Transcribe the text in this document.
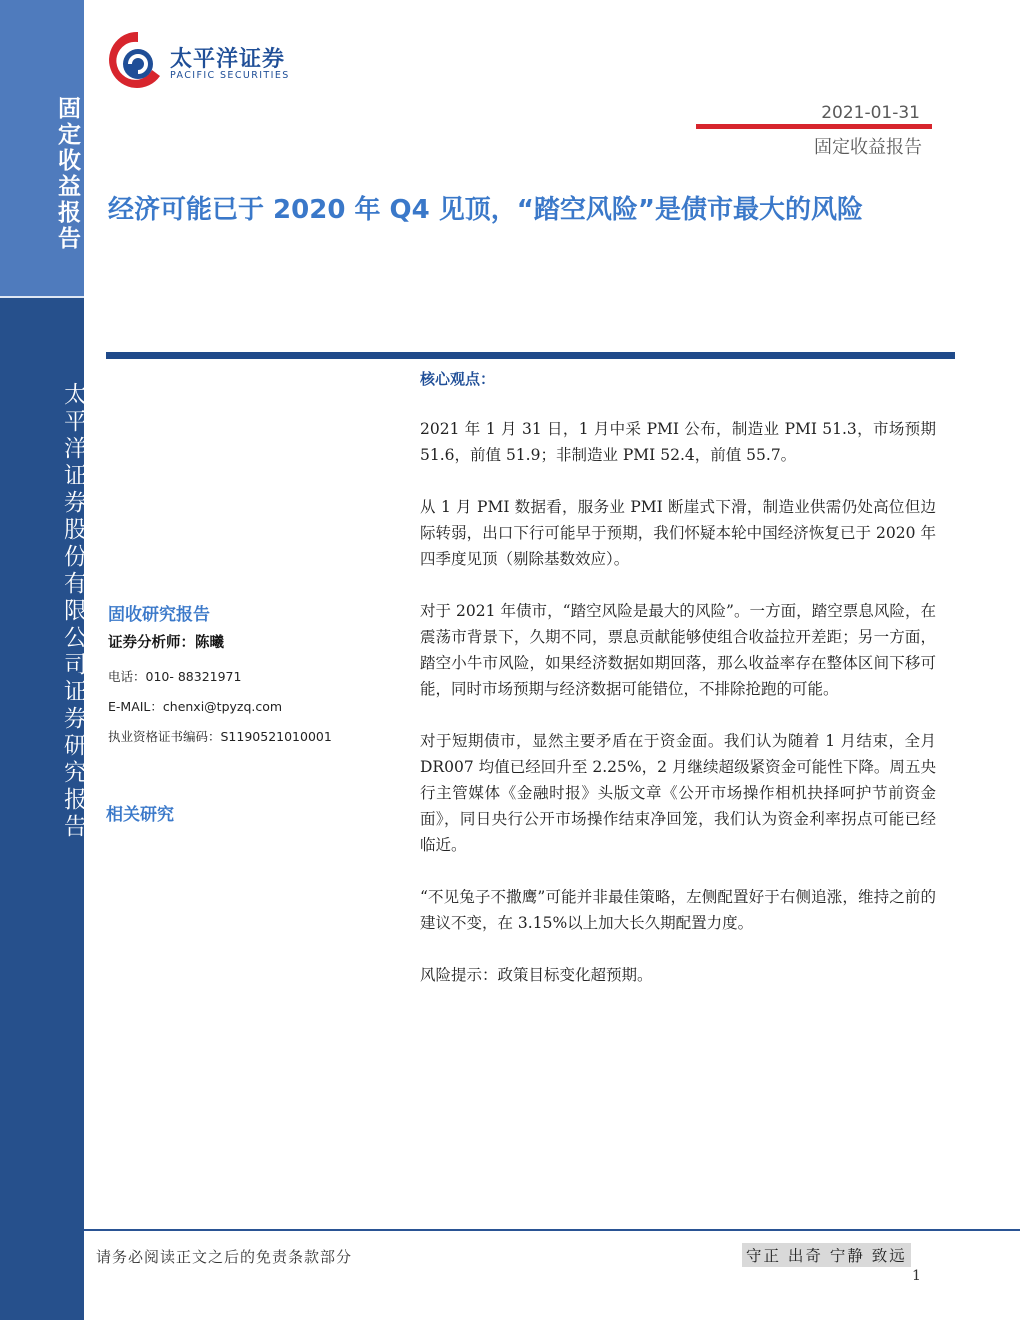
固定收益报告
太平洋证券股份有限公司证券研究报告
太平洋证券
PACIFIC SECURITIES
2021-01-31
固定收益报告
经济可能已于 2020 年 Q4 见顶，“踏空风险”是债市最大的风险
核心观点：

2021 年 1 月 31 日，1 月中采 PMI 公布，制造业 PMI 51.3，市场预期 51.6，前值 51.9；非制造业 PMI 52.4，前值 55.7。

从 1 月 PMI 数据看，服务业 PMI 断崖式下滑，制造业供需仍处高位但边际转弱，出口下行可能早于预期，我们怀疑本轮中国经济恢复已于 2020 年四季度见顶（剔除基数效应）。

对于 2021 年债市，“踏空风险是最大的风险”。一方面，踏空票息风险，在震荡市背景下，久期不同，票息贡献能够使组合收益拉开差距；另一方面，踏空小牛市风险，如果经济数据如期回落，那么收益率存在整体区间下移可能，同时市场预期与经济数据可能错位，不排除抢跑的可能。

对于短期债市，显然主要矛盾在于资金面。我们认为随着 1 月结束，全月 DR007 均值已经回升至 2.25%，2 月继续超级紧资金可能性下降。周五央行主管媒体《金融时报》头版文章《公开市场操作相机抉择呵护节前资金面》，同日央行公开市场操作结束净回笼，我们认为资金利率拐点可能已经临近。

“不见兔子不撒鹰”可能并非最佳策略，左侧配置好于右侧追涨，维持之前的建议不变，在 3.15%以上加大长久期配置力度。

风险提示：政策目标变化超预期。

固收研究报告
证券分析师：陈曦
电话：010- 88321971
E-MAIL：chenxi@tpyzq.com
执业资格证书编码：S1190521010001
相关研究
请务必阅读正文之后的免责条款部分	守正 出奇 宁静 致远
1
